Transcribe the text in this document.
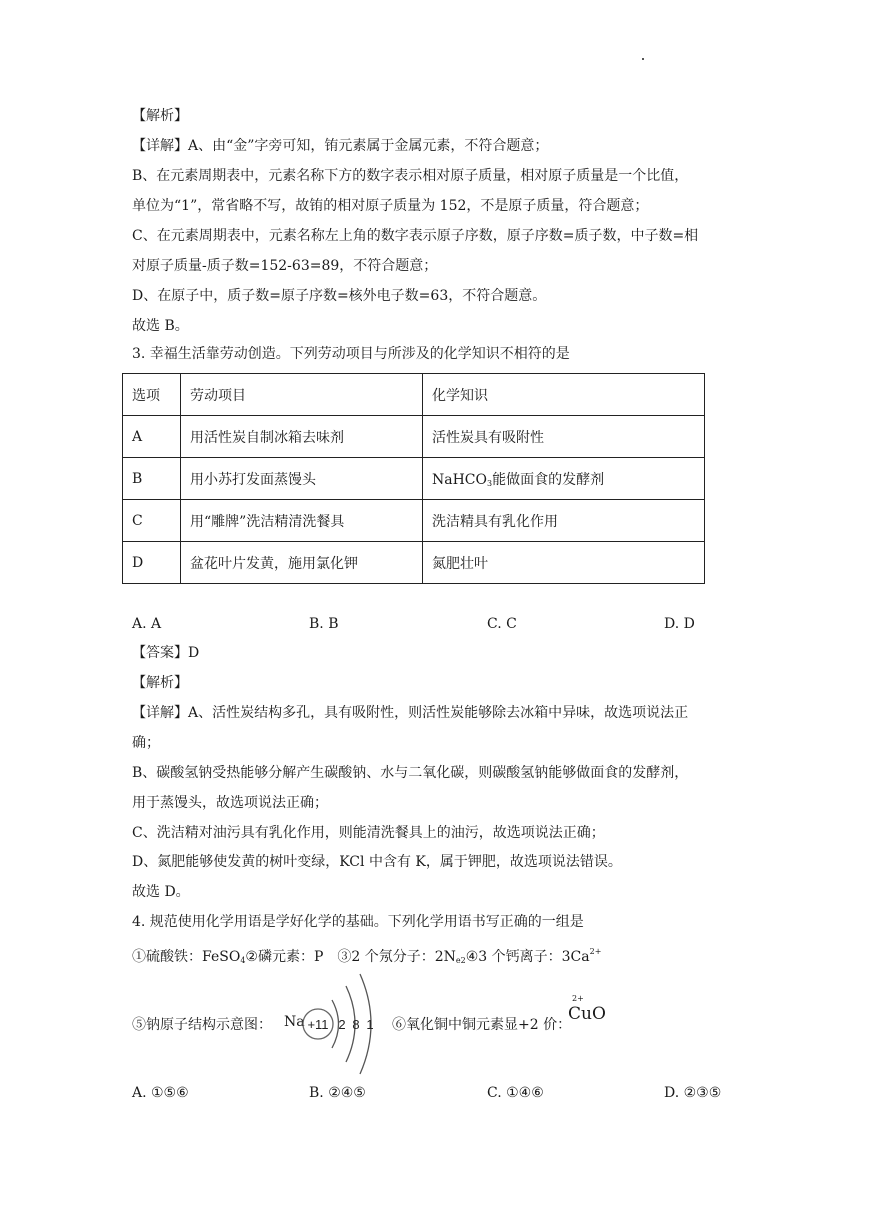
【解析】
【详解】A、由“金”字旁可知，铕元素属于金属元素，不符合题意；
B、在元素周期表中，元素名称下方的数字表示相对原子质量，相对原子质量是一个比值，
单位为“1”，常省略不写，故铕的相对原子质量为 152，不是原子质量，符合题意；
C、在元素周期表中，元素名称左上角的数字表示原子序数，原子序数=质子数，中子数=相
对原子质量-质子数=152-63=89，不符合题意；
D、在原子中，质子数=原子序数=核外电子数=63，不符合题意。
故选 B。
3. 幸福生活靠劳动创造。下列劳动项目与所涉及的化学知识不相符的是
选项	劳动项目	化学知识
A	用活性炭自制冰箱去味剂	活性炭具有吸附性
B	用小苏打发面蒸馒头	NaHCO$_3$能做面食的发酵剂
C	用“雕牌”洗洁精清洗餐具	洗洁精具有乳化作用
D	盆花叶片发黄，施用氯化钾	氮肥壮叶
A. A	B. B	C. C	D. D
【答案】D
【解析】
【详解】A、活性炭结构多孔，具有吸附性，则活性炭能够除去冰箱中异味，故选项说法正
确；
B、碳酸氢钠受热能够分解产生碳酸钠、水与二氧化碳，则碳酸氢钠能够做面食的发酵剂，
用于蒸馒头，故选项说法正确；
C、洗洁精对油污具有乳化作用，则能清洗餐具上的油污，故选项说法正确；
D、氮肥能够使发黄的树叶变绿，KCl 中含有 K，属于钾肥，故选项说法错误。
故选 D。
4. 规范使用化学用语是学好化学的基础。下列化学用语书写正确的一组是
①硫酸铁：FeSO$_4$②磷元素：P　③2 个氖分子：$2N_{e2}④3$ 个钙离子：$3Ca^{2+}$
⑤钠原子结构示意图： Na +11 2 8 1 ⑥氧化铜中铜元素显+2 价：
2+
CuO
A. ①⑤⑥	B. ②④⑤	C. ①④⑥	D. ②③⑤
